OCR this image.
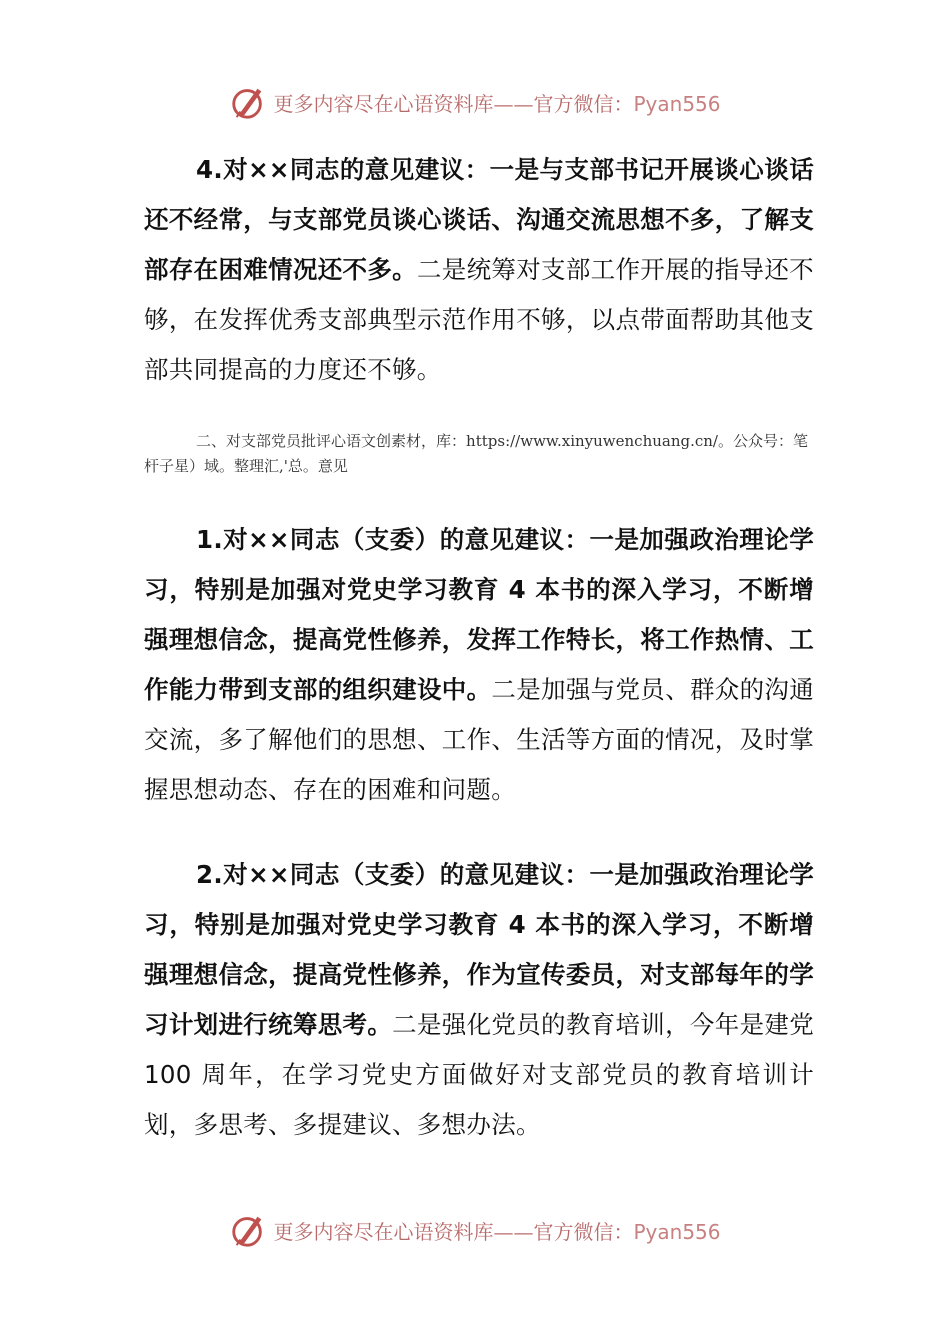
更多内容尽在心语资料库——官方微信：Pyan556
4.对××同志的意见建议：一是与支部书记开展谈心谈话还不经常，与支部党员谈心谈话、沟通交流思想不多，了解支部存在困难情况还不多。二是统筹对支部工作开展的指导还不够，在发挥优秀支部典型示范作用不够，以点带面帮助其他支部共同提高的力度还不够。
二、对支部党员批评心语文创素材，库：https://www.xinyuwenchuang.cn/。公众号：笔杆子星）域。整理汇,'总。意见
1.对××同志（支委）的意见建议：一是加强政治理论学习，特别是加强对党史学习教育 4 本书的深入学习，不断增强理想信念，提高党性修养，发挥工作特长，将工作热情、工作能力带到支部的组织建设中。二是加强与党员、群众的沟通交流，多了解他们的思想、工作、生活等方面的情况，及时掌握思想动态、存在的困难和问题。
2.对××同志（支委）的意见建议：一是加强政治理论学习，特别是加强对党史学习教育 4 本书的深入学习，不断增强理想信念，提高党性修养，作为宣传委员，对支部每年的学习计划进行统筹思考。二是强化党员的教育培训，今年是建党 100 周年，在学习党史方面做好对支部党员的教育培训计划，多思考、多提建议、多想办法。
更多内容尽在心语资料库——官方微信：Pyan556
